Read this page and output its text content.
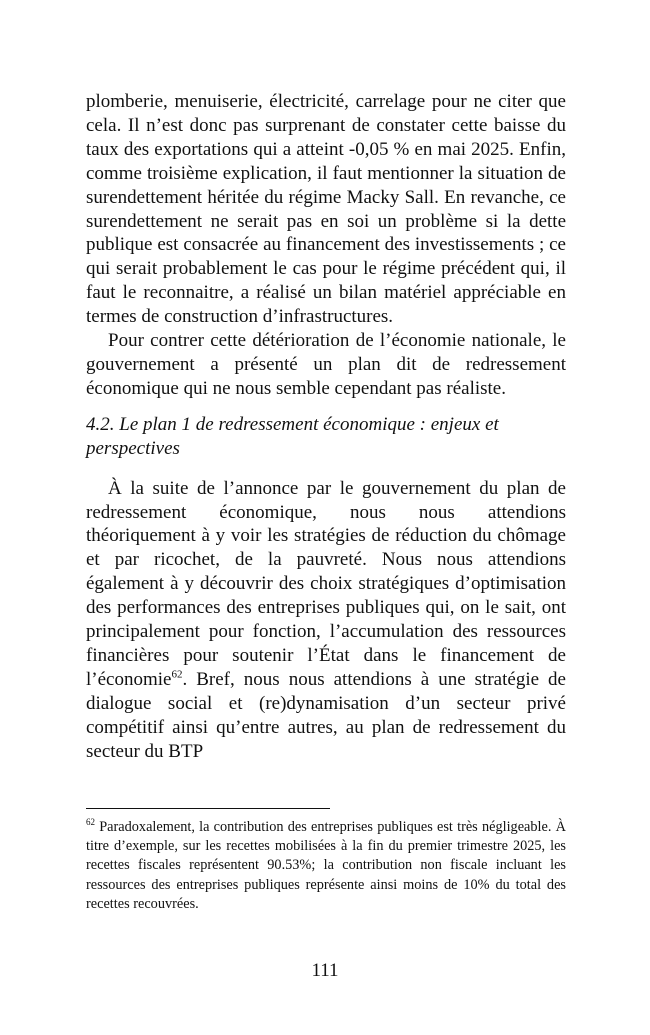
plomberie, menuiserie, électricité, carrelage pour ne citer que cela. Il n’est donc pas surprenant de constater cette baisse du taux des exportations qui a atteint -0,05 % en mai 2025. Enfin, comme troisième explication, il faut mentionner la situation de surendettement héritée du régime Macky Sall. En revanche, ce surendettement ne serait pas en soi un problème si la dette publique est consacrée au financement des investissements ; ce qui serait probablement le cas pour le régime précédent qui, il faut le reconnaitre, a réalisé un bilan matériel appréciable en termes de construction d’infrastructures.

Pour contrer cette détérioration de l’économie nationale, le gouvernement a présenté un plan dit de redressement économique qui ne nous semble cependant pas réaliste.

4.2. Le plan 1 de redressement économique : enjeux et perspectives

À la suite de l’annonce par le gouvernement du plan de redressement économique, nous nous attendions théoriquement à y voir les stratégies de réduction du chômage et par ricochet, de la pauvreté. Nous nous attendions également à y découvrir des choix stratégiques d’optimisation des performances des entreprises publiques qui, on le sait, ont principalement pour fonction, l’accumulation des ressources financières pour soutenir l’État dans le financement de l’économie$^{62}$. Bref, nous nous attendions à une stratégie de dialogue social et (re)dynamisation d’un secteur privé compétitif ainsi qu’entre autres, au plan de redressement du secteur du BTP

$^{62}$ Paradoxalement, la contribution des entreprises publiques est très négligeable. À titre d’exemple, sur les recettes mobilisées à la fin du premier trimestre 2025, les recettes fiscales représentent 90.53%; la contribution non fiscale incluant les ressources des entreprises publiques représente ainsi moins de 10% du total des recettes recouvrées.

111
